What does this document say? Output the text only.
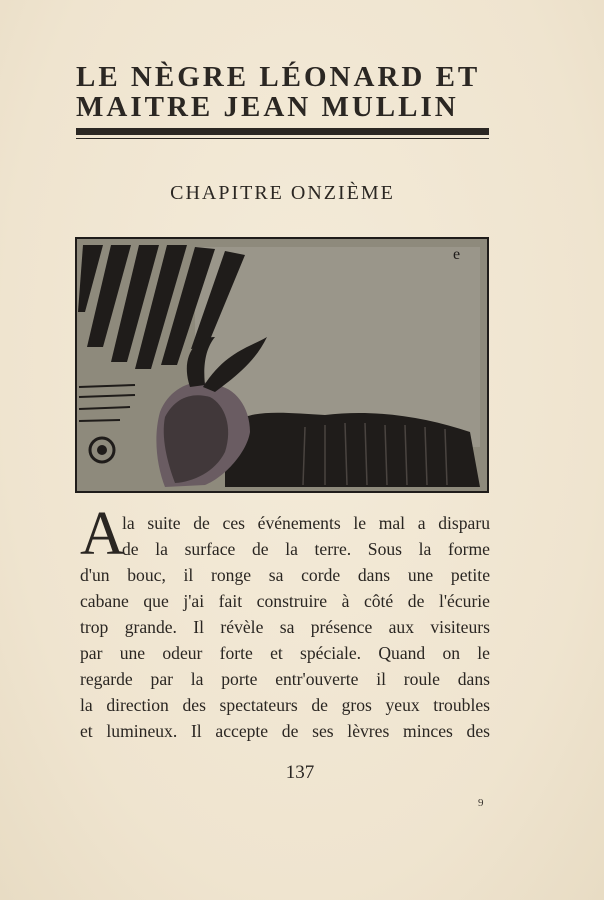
LE NÈGRE LÉONARD ET
MAITRE JEAN MULLIN
CHAPITRE ONZIÈME
e
A
la suite de ces événements le mal a disparu
de la surface de la terre. Sous la forme
d'un bouc, il ronge sa corde dans une petite
cabane que j'ai fait construire à côté de l'écurie
trop grande. Il révèle sa présence aux visiteurs
par une odeur forte et spéciale. Quand on le
regarde par la porte entr'ouverte il roule dans
la direction des spectateurs de gros yeux troubles
et lumineux. Il accepte de ses lèvres minces des
137
9
